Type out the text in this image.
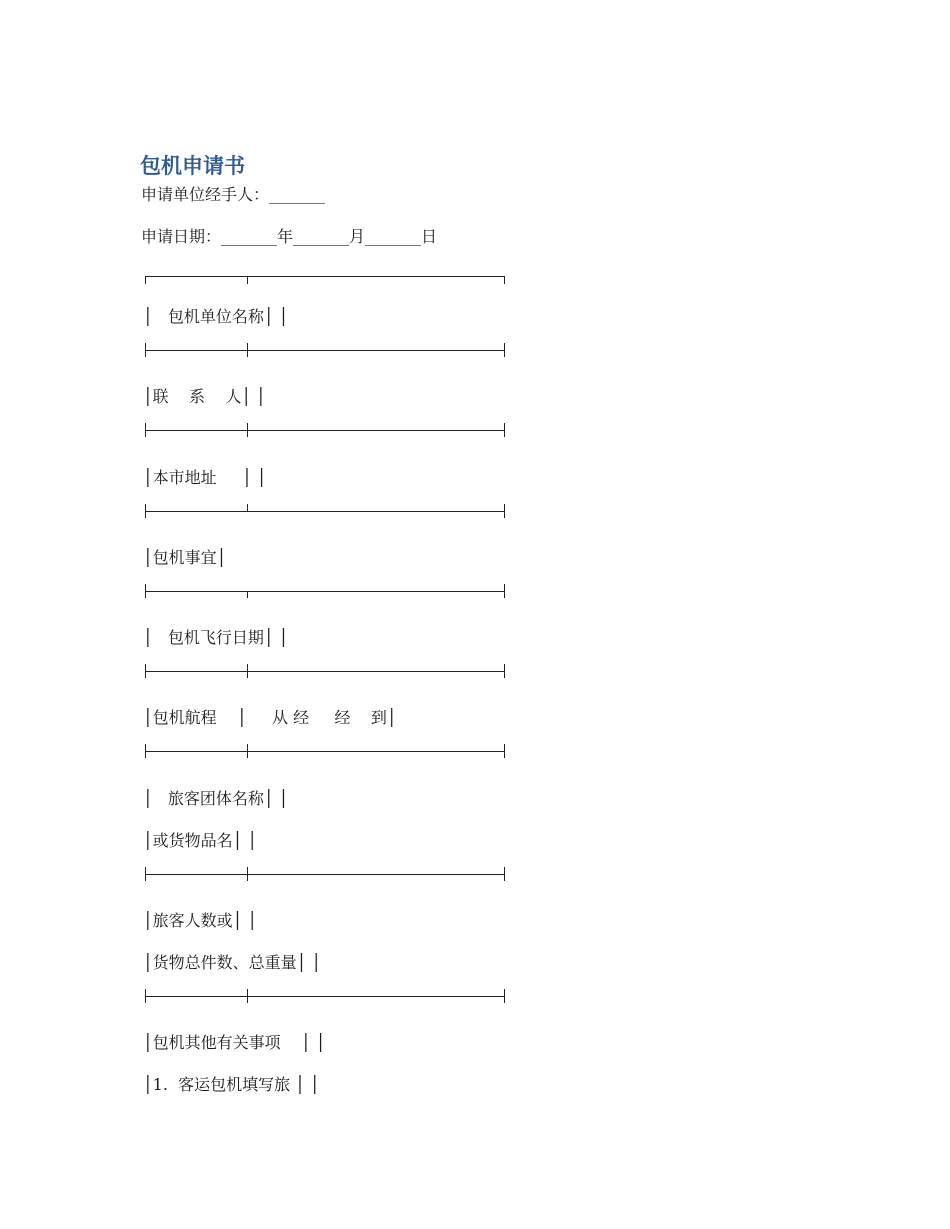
包机申请书
申请单位经手人：_______
申请日期：_______年_______月_______日
│   包机单位名称│ │
│联    系    人│ │
│本市地址     │ │
│包机事宜│
│   包机飞行日期│ │
│包机航程    │     从 经     经    到│
│   旅客团体名称│ │
│或货物品名│ │
│旅客人数或│ │
│货物总件数、总重量│ │
│包机其他有关事项    │ │
│1.  客运包机填写旅 │ │
